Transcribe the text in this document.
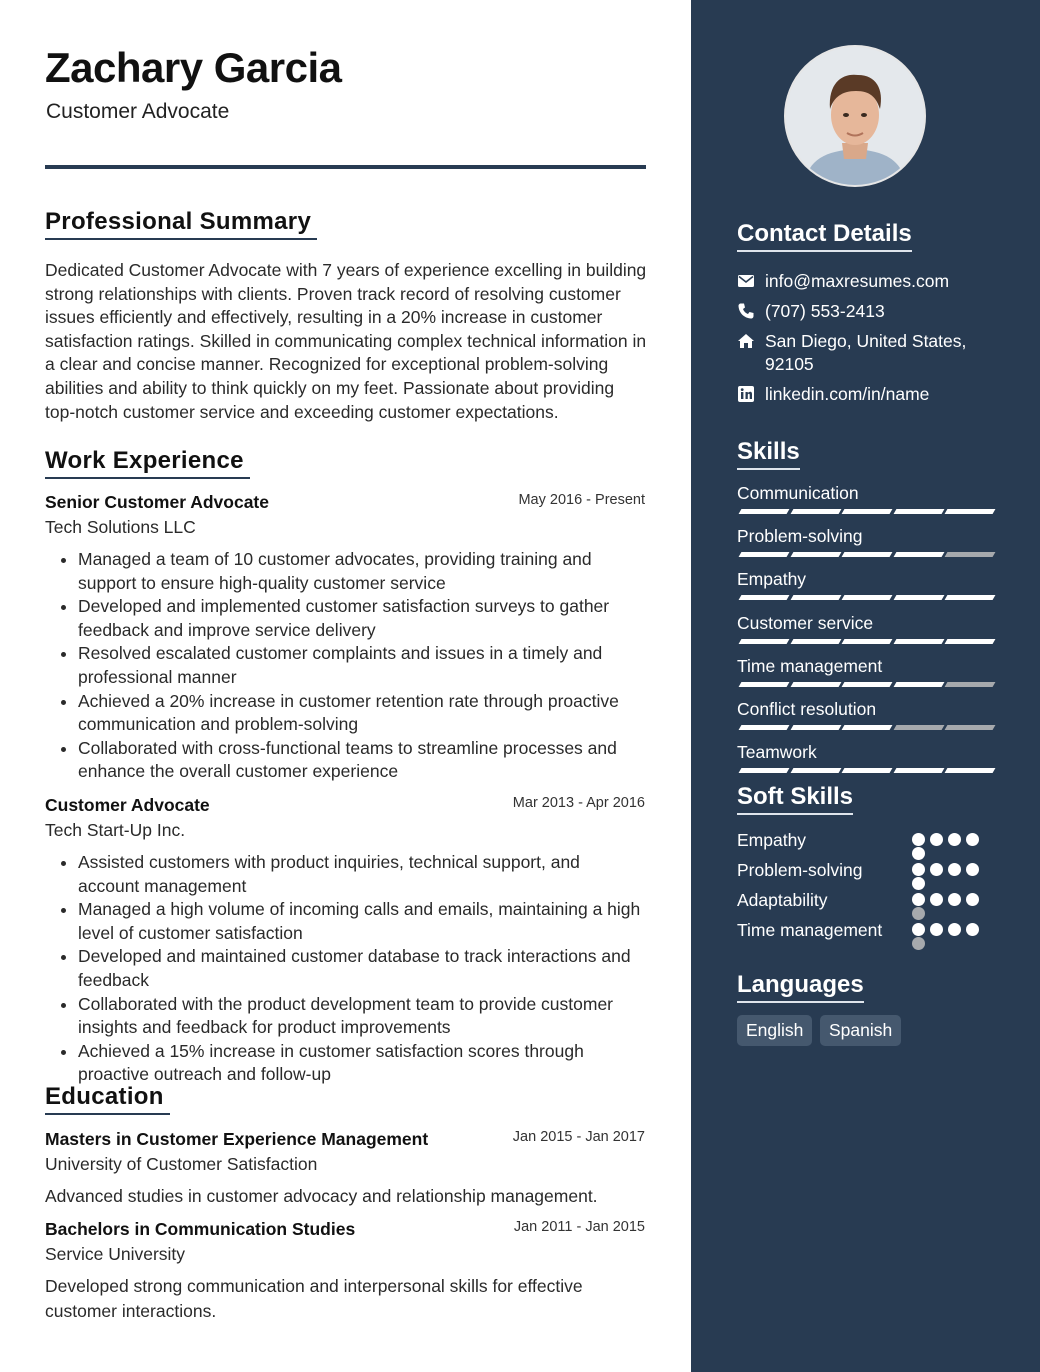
Zachary Garcia
Customer Advocate
Professional Summary

Dedicated Customer Advocate with 7 years of experience excelling in building strong relationships with clients. Proven track record of resolving customer issues efficiently and effectively, resulting in a 20% increase in customer satisfaction ratings. Skilled in communicating complex technical information in a clear and concise manner. Recognized for exceptional problem-solving abilities and ability to think quickly on my feet. Passionate about providing top-notch customer service and exceeding customer expectations.

Work Experience
Senior Customer Advocate	May 2016 - Present
Tech Solutions LLC
• Managed a team of 10 customer advocates, providing training and support to ensure high-quality customer service
• Developed and implemented customer satisfaction surveys to gather feedback and improve service delivery
• Resolved escalated customer complaints and issues in a timely and professional manner
• Achieved a 20% increase in customer retention rate through proactive communication and problem-solving
• Collaborated with cross-functional teams to streamline processes and enhance the overall customer experience
Customer Advocate	Mar 2013 - Apr 2016
Tech Start-Up Inc.
• Assisted customers with product inquiries, technical support, and account management
• Managed a high volume of incoming calls and emails, maintaining a high level of customer satisfaction
• Developed and maintained customer database to track interactions and feedback
• Collaborated with the product development team to provide customer insights and feedback for product improvements
• Achieved a 15% increase in customer satisfaction scores through proactive outreach and follow-up
Education
Masters in Customer Experience Management	Jan 2015 - Jan 2017
University of Customer Satisfaction
Advanced studies in customer advocacy and relationship management.
Bachelors in Communication Studies	Jan 2011 - Jan 2015
Service University
Developed strong communication and interpersonal skills for effective customer interactions.
Contact Details
info@maxresumes.com
(707) 553-2413
San Diego, United States,
92105
linkedin.com/in/name
Skills
Communication
Problem-solving
Empathy
Customer service
Time management
Conflict resolution
Teamwork
Soft Skills
Empathy
Problem-solving
Adaptability
Time management
Languages
English	Spanish
